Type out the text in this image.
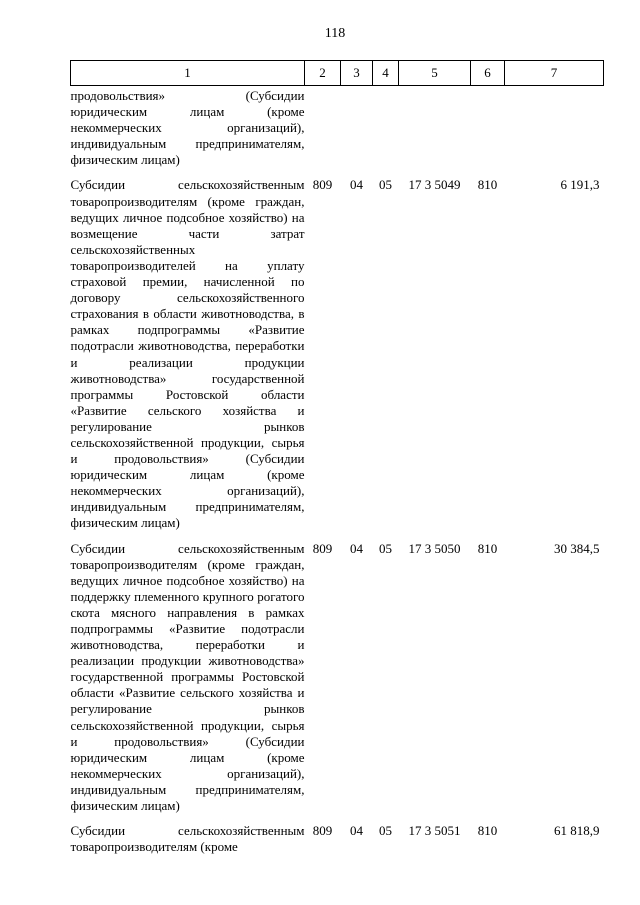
118
1	2	3	4	5	6	7
продовольствия» (Субсидии юридическим лицам (кроме некоммерческих организаций), индивидуальным предпринимателям, физическим лицам)						
Субсидии сельскохозяйственным товаропроизводителям (кроме граждан, ведущих личное подсобное хозяйство) на возмещение части затрат сельскохозяйственных товаропроизводителей на уплату страховой премии, начисленной по договору сельскохозяйственного страхования в области животноводства, в рамках подпрограммы «Развитие подотрасли животноводства, переработки и реализации продукции животноводства» государственной программы Ростовской области «Развитие сельского хозяйства и регулирование рынков сельскохозяйственной продукции, сырья и продовольствия» (Субсидии юридическим лицам (кроме некоммерческих организаций), индивидуальным предпринимателям, физическим лицам)	809	04	05	17 3 5049	810	6 191,3
Субсидии сельскохозяйственным товаропроизводителям (кроме граждан, ведущих личное подсобное хозяйство) на поддержку племенного крупного рогатого скота мясного направления в рамках подпрограммы «Развитие подотрасли животноводства, переработки и реализации продукции животноводства» государственной программы Ростовской области «Развитие сельского хозяйства и регулирование рынков сельскохозяйственной продукции, сырья и продовольствия» (Субсидии юридическим лицам (кроме некоммерческих организаций), индивидуальным предпринимателям, физическим лицам)	809	04	05	17 3 5050	810	30 384,5
Субсидии сельскохозяйственным товаропроизводителям (кроме	809	04	05	17 3 5051	810	61 818,9
